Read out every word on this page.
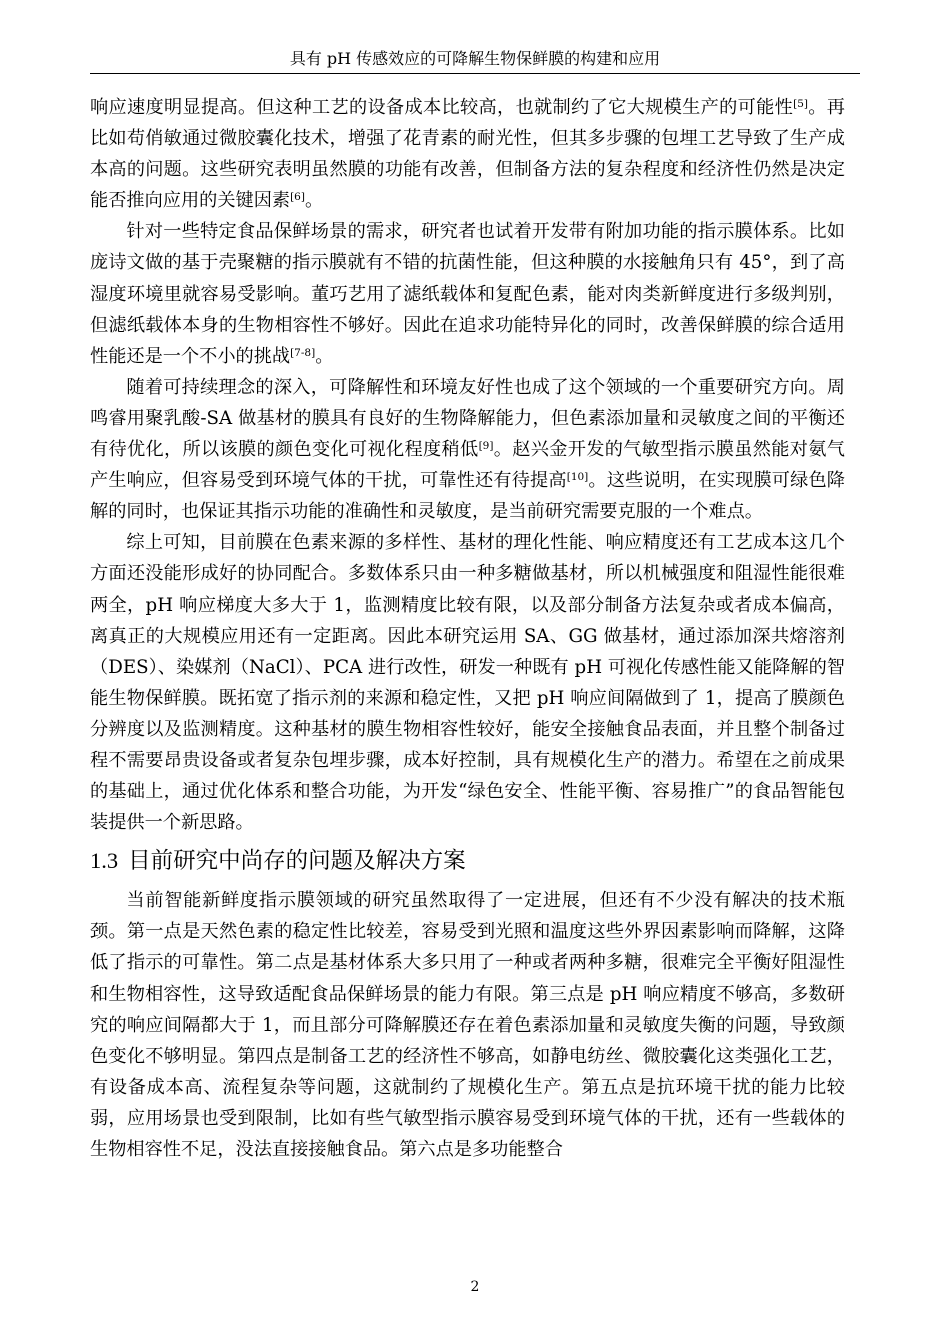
具有 pH 传感效应的可降解生物保鲜膜的构建和应用

响应速度明显提高。但这种工艺的设备成本比较高，也就制约了它大规模生产的可能性[5]。再比如苟俏敏通过微胶囊化技术，增强了花青素的耐光性，但其多步骤的包埋工艺导致了生产成本高的问题。这些研究表明虽然膜的功能有改善，但制备方法的复杂程度和经济性仍然是决定能否推向应用的关键因素[6]。

针对一些特定食品保鲜场景的需求，研究者也试着开发带有附加功能的指示膜体系。比如庞诗文做的基于壳聚糖的指示膜就有不错的抗菌性能，但这种膜的水接触角只有 45°，到了高湿度环境里就容易受影响。董巧艺用了滤纸载体和复配色素，能对肉类新鲜度进行多级判别，但滤纸载体本身的生物相容性不够好。因此在追求功能特异化的同时，改善保鲜膜的综合适用性能还是一个不小的挑战[7-8]。

随着可持续理念的深入，可降解性和环境友好性也成了这个领域的一个重要研究方向。周鸣睿用聚乳酸-SA 做基材的膜具有良好的生物降解能力，但色素添加量和灵敏度之间的平衡还有待优化，所以该膜的颜色变化可视化程度稍低[9]。赵兴金开发的气敏型指示膜虽然能对氨气产生响应，但容易受到环境气体的干扰，可靠性还有待提高[10]。这些说明，在实现膜可绿色降解的同时，也保证其指示功能的准确性和灵敏度，是当前研究需要克服的一个难点。

综上可知，目前膜在色素来源的多样性、基材的理化性能、响应精度还有工艺成本这几个方面还没能形成好的协同配合。多数体系只由一种多糖做基材，所以机械强度和阻湿性能很难两全，pH 响应梯度大多大于 1，监测精度比较有限，以及部分制备方法复杂或者成本偏高，离真正的大规模应用还有一定距离。因此本研究运用 SA、GG 做基材，通过添加深共熔溶剂（DES）、染媒剂（NaCl）、PCA 进行改性，研发一种既有 pH 可视化传感性能又能降解的智能生物保鲜膜。既拓宽了指示剂的来源和稳定性，又把 pH 响应间隔做到了 1，提高了膜颜色分辨度以及监测精度。这种基材的膜生物相容性较好，能安全接触食品表面，并且整个制备过程不需要昂贵设备或者复杂包埋步骤，成本好控制，具有规模化生产的潜力。希望在之前成果的基础上，通过优化体系和整合功能，为开发“绿色安全、性能平衡、容易推广”的食品智能包装提供一个新思路。

1.3 目前研究中尚存的问题及解决方案

当前智能新鲜度指示膜领域的研究虽然取得了一定进展，但还有不少没有解决的技术瓶颈。第一点是天然色素的稳定性比较差，容易受到光照和温度这些外界因素影响而降解，这降低了指示的可靠性。第二点是基材体系大多只用了一种或者两种多糖，很难完全平衡好阻湿性和生物相容性，这导致适配食品保鲜场景的能力有限。第三点是 pH 响应精度不够高，多数研究的响应间隔都大于 1，而且部分可降解膜还存在着色素添加量和灵敏度失衡的问题，导致颜色变化不够明显。第四点是制备工艺的经济性不够高，如静电纺丝、微胶囊化这类强化工艺，有设备成本高、流程复杂等问题，这就制约了规模化生产。第五点是抗环境干扰的能力比较弱，应用场景也受到限制，比如有些气敏型指示膜容易受到环境气体的干扰，还有一些载体的生物相容性不足，没法直接接触食品。第六点是多功能整合

2
